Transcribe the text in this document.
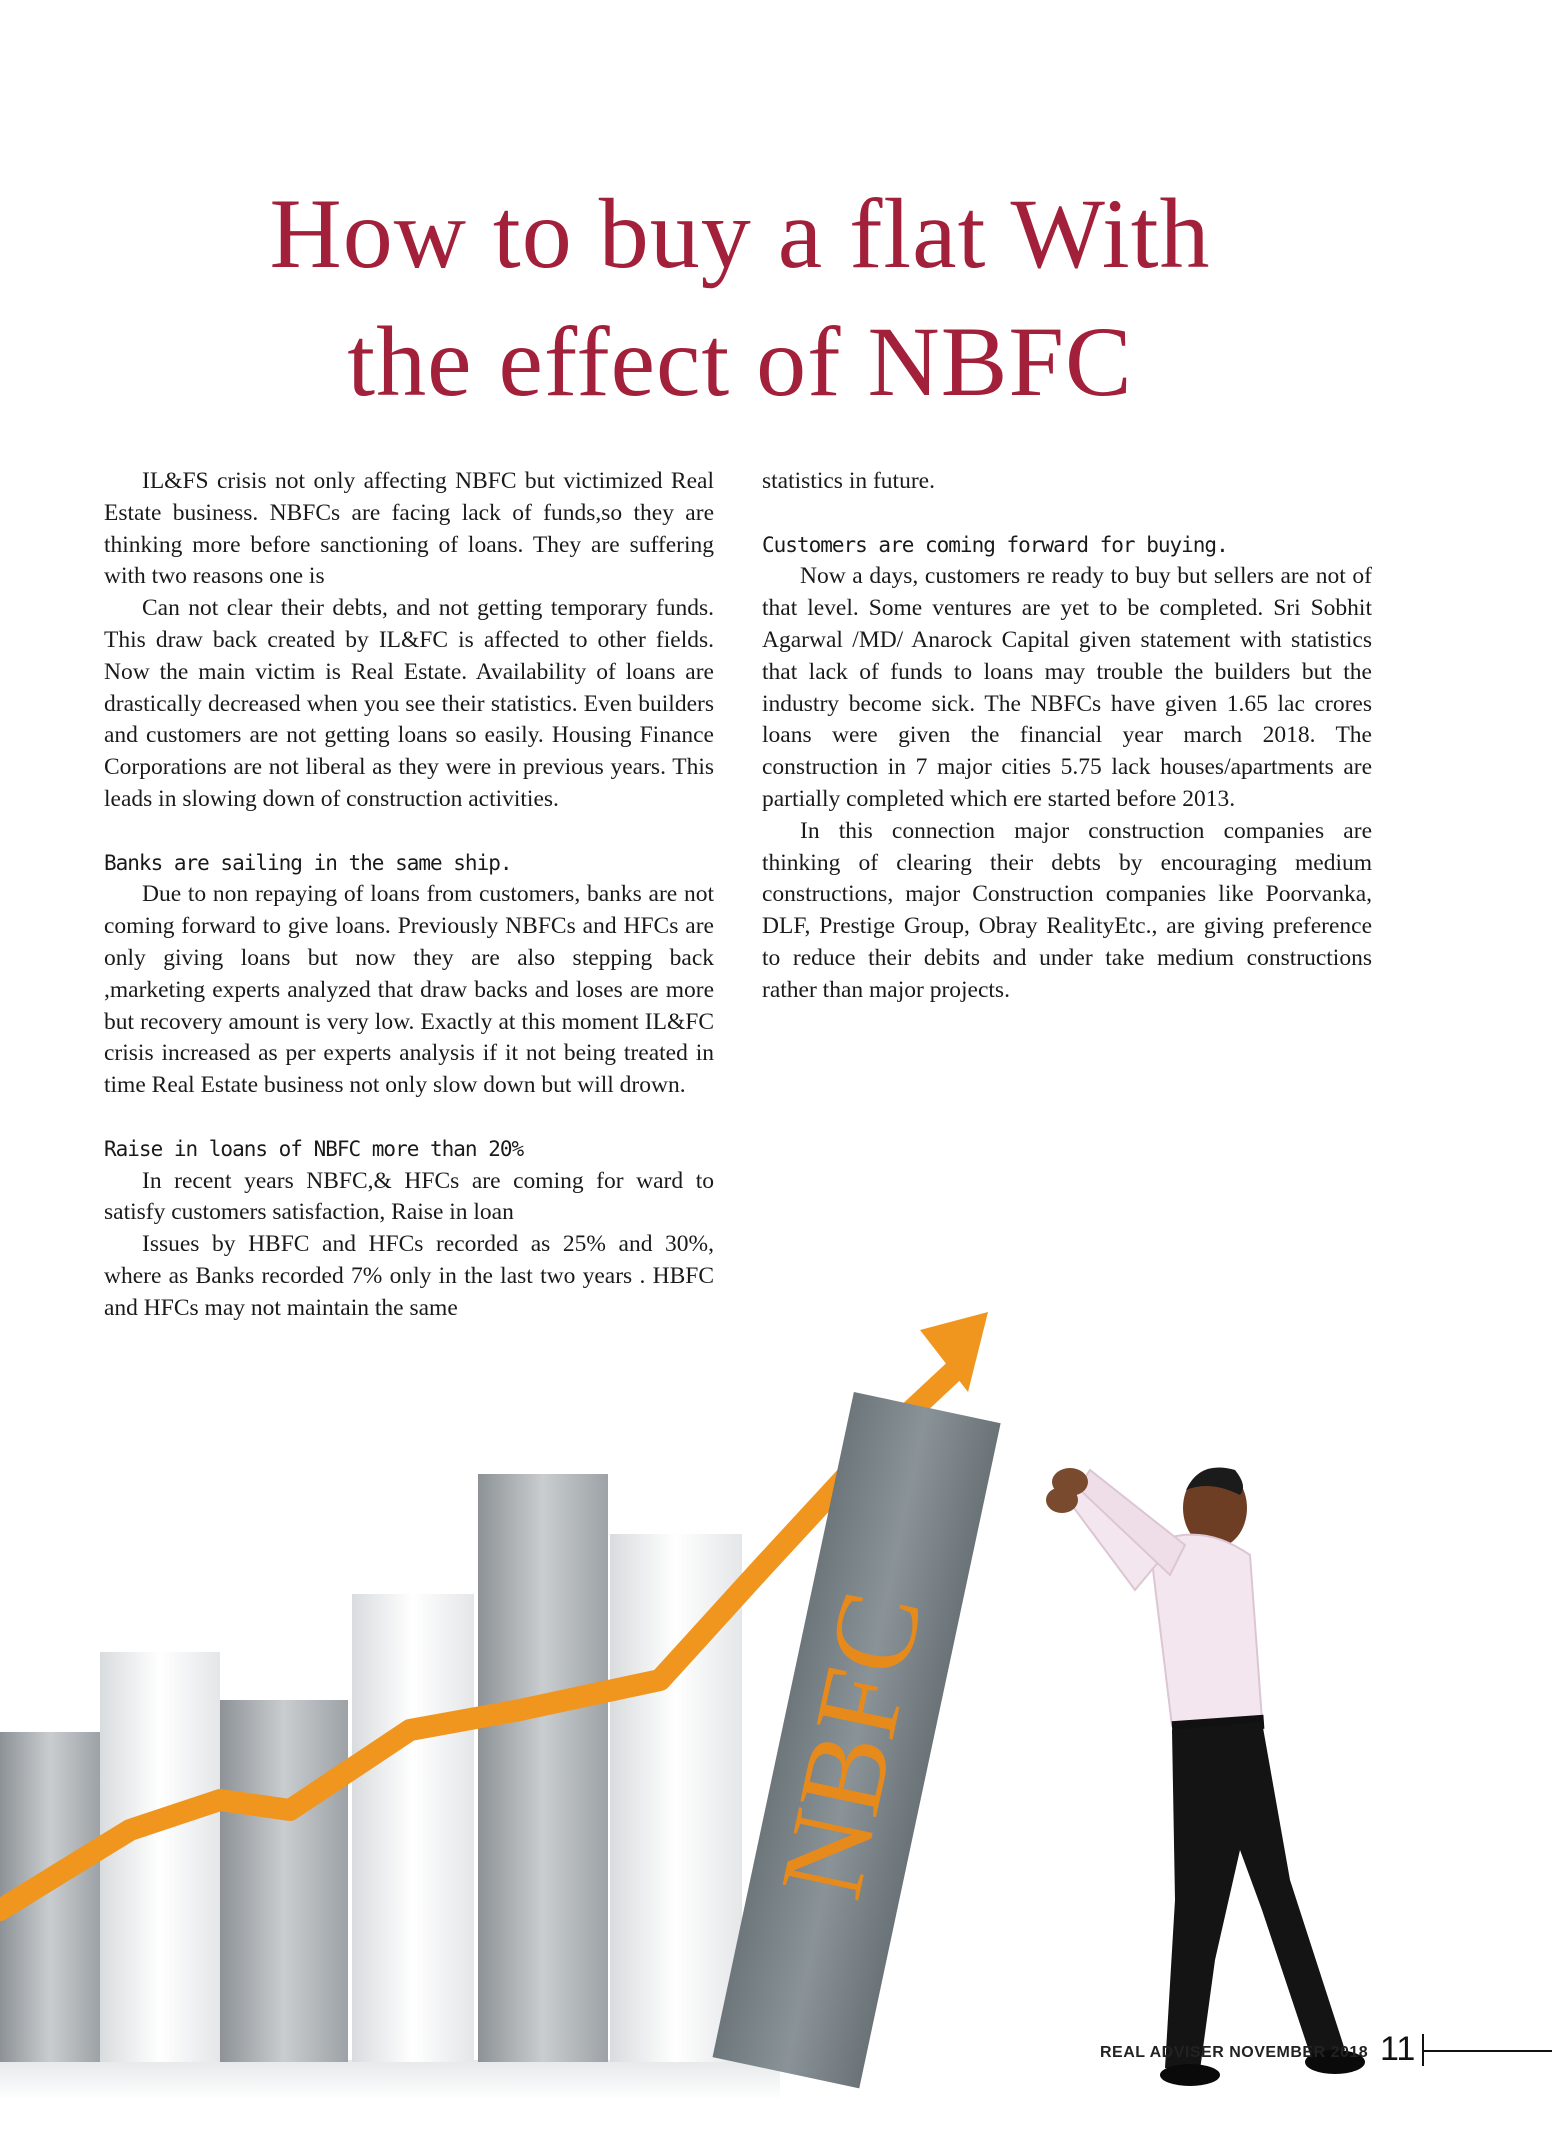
How to buy a flat With
the effect of NBFC

IL&FS crisis not only affecting NBFC but victimized Real Estate business. NBFCs are facing lack of funds,so they are thinking more before sanctioning of loans. They are suffering with two reasons one is

Can not clear their debts, and not getting temporary funds. This draw back created by IL&FC is affected to other fields. Now the main victim is Real Estate. Availability of loans are drastically decreased when you see their statistics. Even builders and customers are not getting loans so easily. Housing Finance Corporations are not liberal as they were in previous years. This leads in slowing down of construction activities.

Banks are sailing in the same ship.

Due to non repaying of loans from customers, banks are not coming forward to give loans. Previously NBFCs and HFCs are only giving loans but now they are also stepping back ,marketing experts analyzed that draw backs and loses are more but recovery amount is very low. Exactly at this moment IL&FC crisis increased as per experts analysis if it not being treated in time Real Estate business not only slow down but will drown.

Raise in loans of NBFC more than 20%

In recent years NBFC,& HFCs are coming for ward to satisfy customers satisfaction, Raise in loan

Issues by HBFC and HFCs recorded as 25% and 30%, where as Banks recorded 7% only in the last two years . HBFC and HFCs may not maintain the same

statistics in future.

Customers are coming forward for buying.

Now a days, customers re ready to buy but sellers are not of that level. Some ventures are yet to be completed. Sri Sobhit Agarwal /MD/ Anarock Capital given statement with statistics that lack of funds to loans may trouble the builders but the industry become sick. The NBFCs have given 1.65 lac crores loans were given the financial year march 2018. The construction in 7 major cities 5.75 lack houses/apartments are partially completed which ere started before 2013.

In this connection major construction companies are thinking of clearing their debts by encouraging medium constructions, major Construction companies like Poorvanka, DLF, Prestige Group, Obray RealityEtc., are giving preference to reduce their debits and under take medium constructions rather than major projects.

NBFC
REAL ADVISER NOVEMBER 2018 11
